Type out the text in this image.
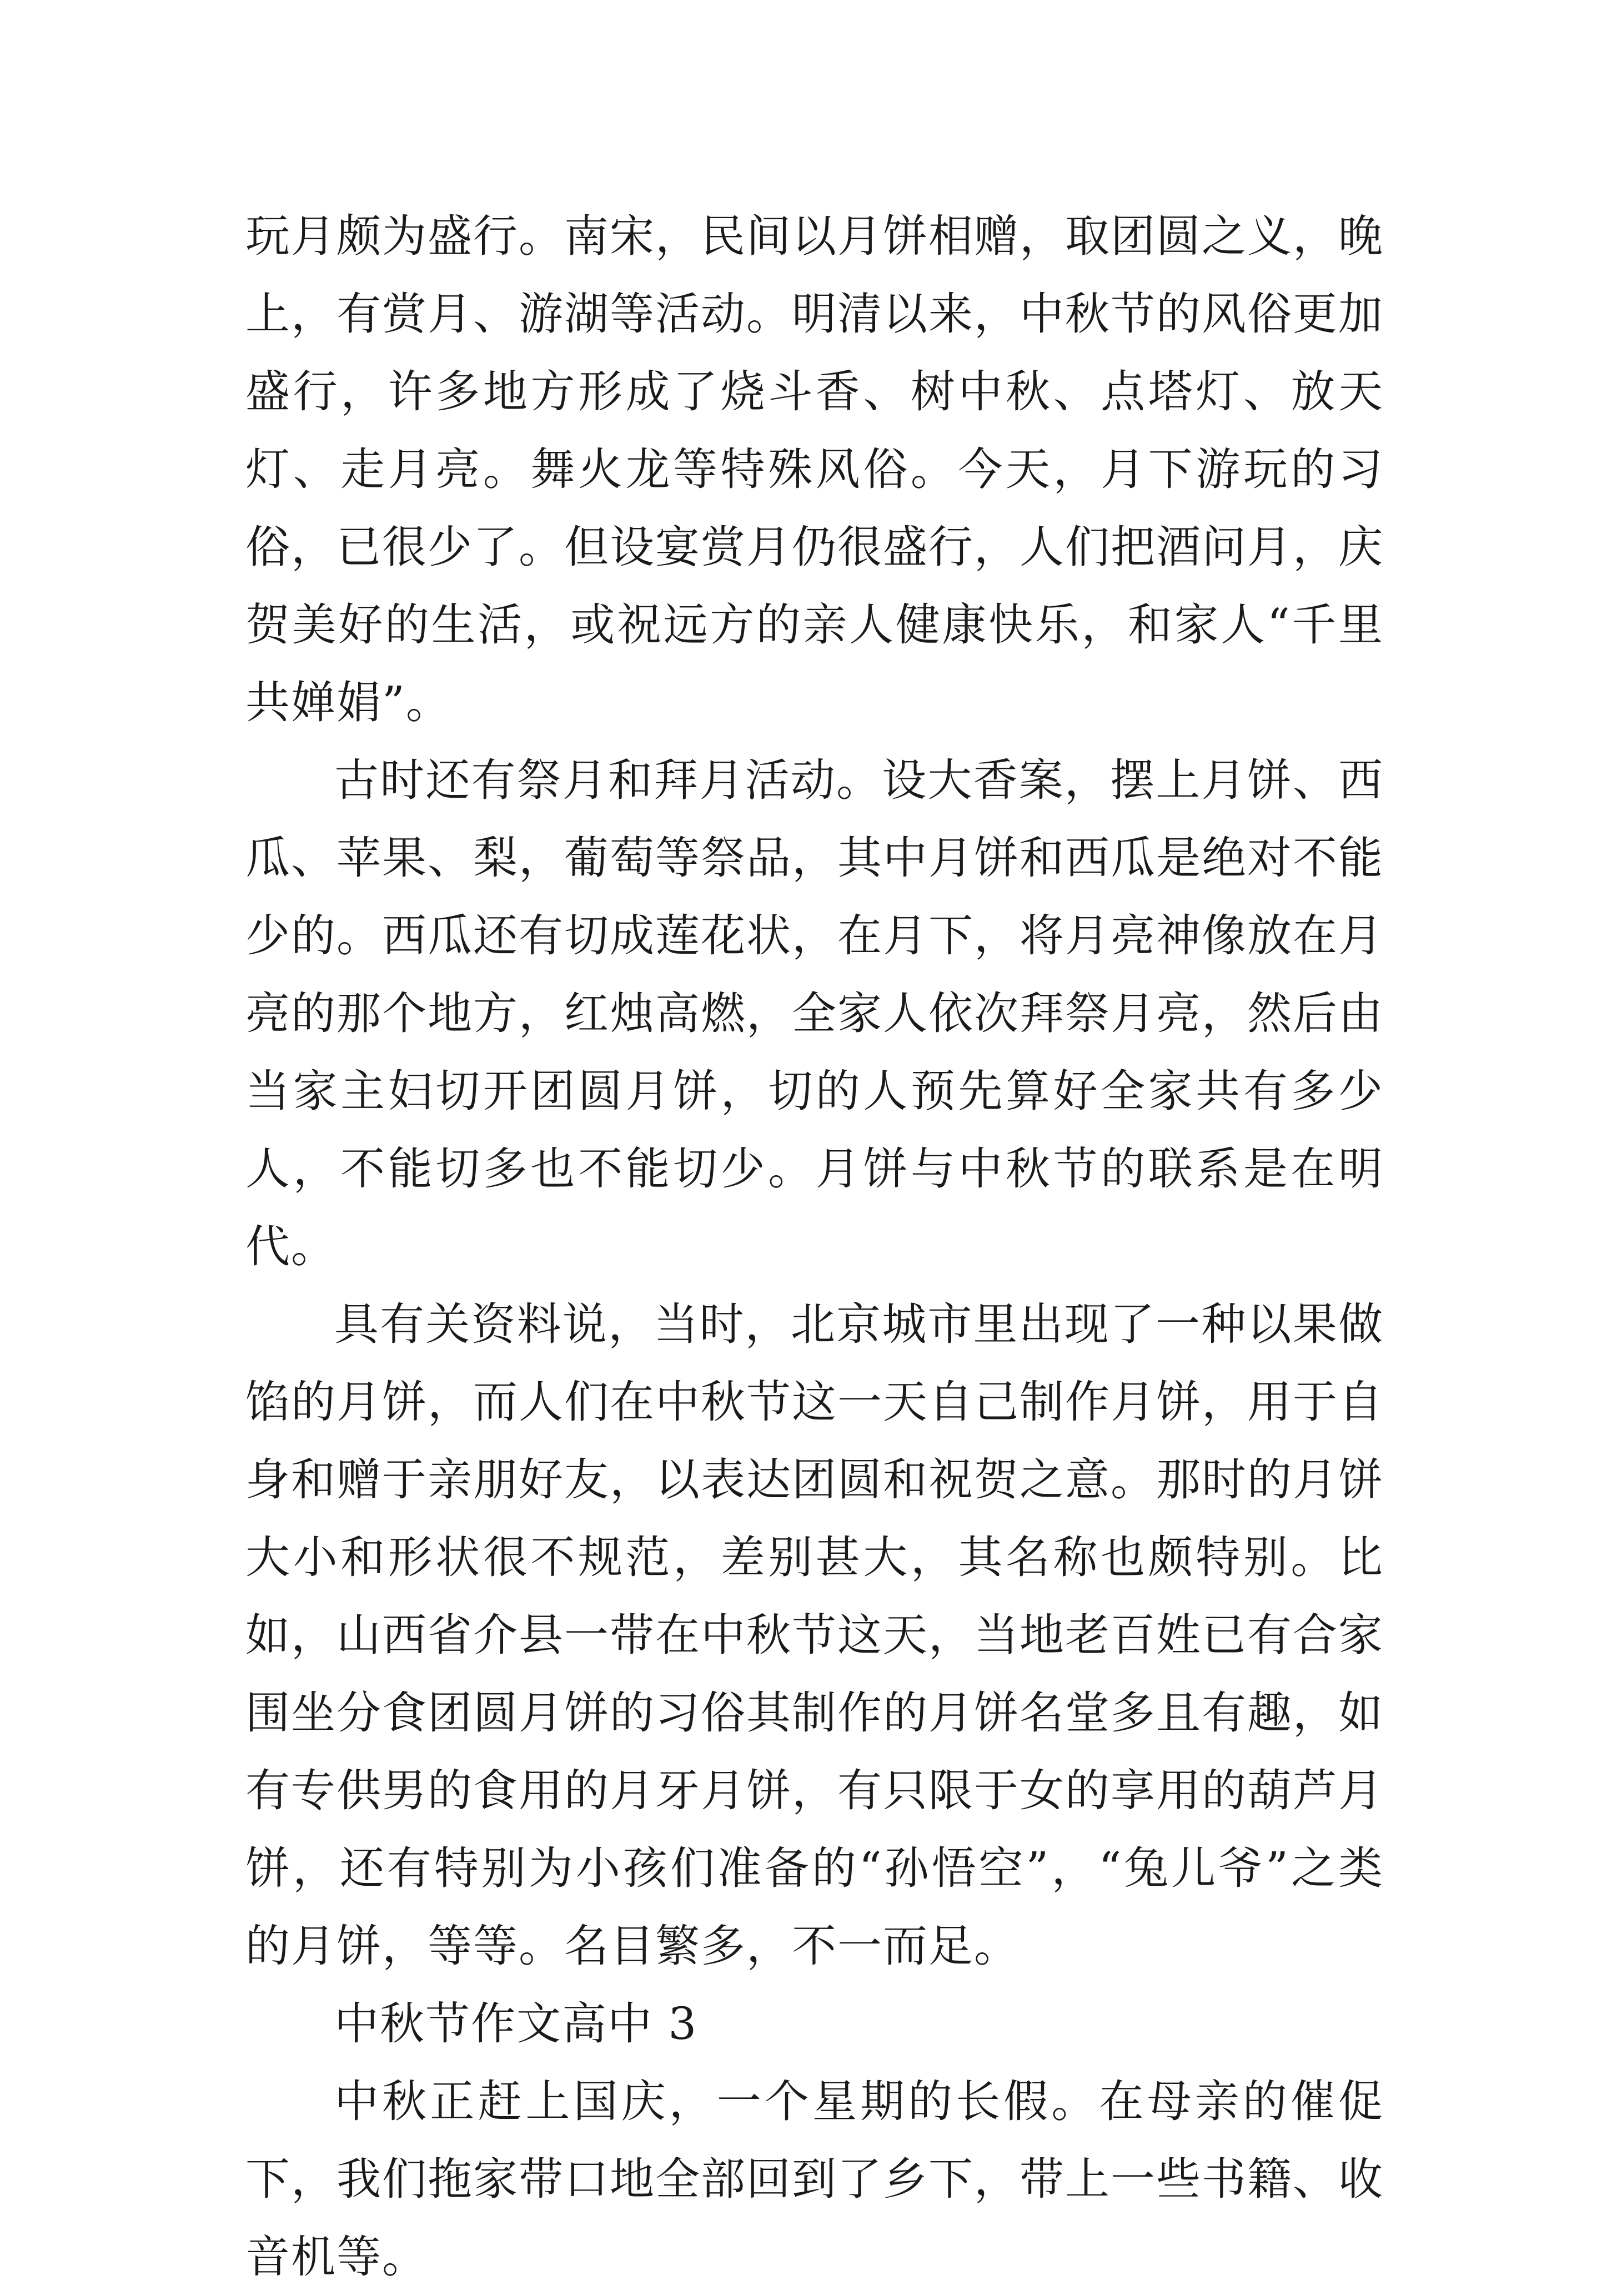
玩月颇为盛行。南宋，民间以月饼相赠，取团圆之义，晚上，有赏月、游湖等活动。明清以来，中秋节的风俗更加盛行，许多地方形成了烧斗香、树中秋、点塔灯、放天灯、走月亮。舞火龙等特殊风俗。今天，月下游玩的习俗，已很少了。但设宴赏月仍很盛行，人们把酒问月，庆贺美好的生活，或祝远方的亲人健康快乐，和家人“千里共婵娟”。

古时还有祭月和拜月活动。设大香案，摆上月饼、西瓜、苹果、梨，葡萄等祭品，其中月饼和西瓜是绝对不能少的。西瓜还有切成莲花状，在月下，将月亮神像放在月亮的那个地方，红烛高燃，全家人依次拜祭月亮，然后由当家主妇切开团圆月饼，切的人预先算好全家共有多少人，不能切多也不能切少。月饼与中秋节的联系是在明代。

具有关资料说，当时，北京城市里出现了一种以果做馅的月饼，而人们在中秋节这一天自己制作月饼，用于自身和赠于亲朋好友，以表达团圆和祝贺之意。那时的月饼大小和形状很不规范，差别甚大，其名称也颇特别。比如，山西省介县一带在中秋节这天，当地老百姓已有合家围坐分食团圆月饼的习俗其制作的月饼名堂多且有趣，如有专供男的食用的月牙月饼，有只限于女的享用的葫芦月饼，还有特别为小孩们准备的“孙悟空”，“兔儿爷”之类的月饼，等等。名目繁多，不一而足。

中秋节作文高中 3

中秋正赶上国庆，一个星期的长假。在母亲的催促下，我们拖家带口地全部回到了乡下，带上一些书籍、收音机等。
